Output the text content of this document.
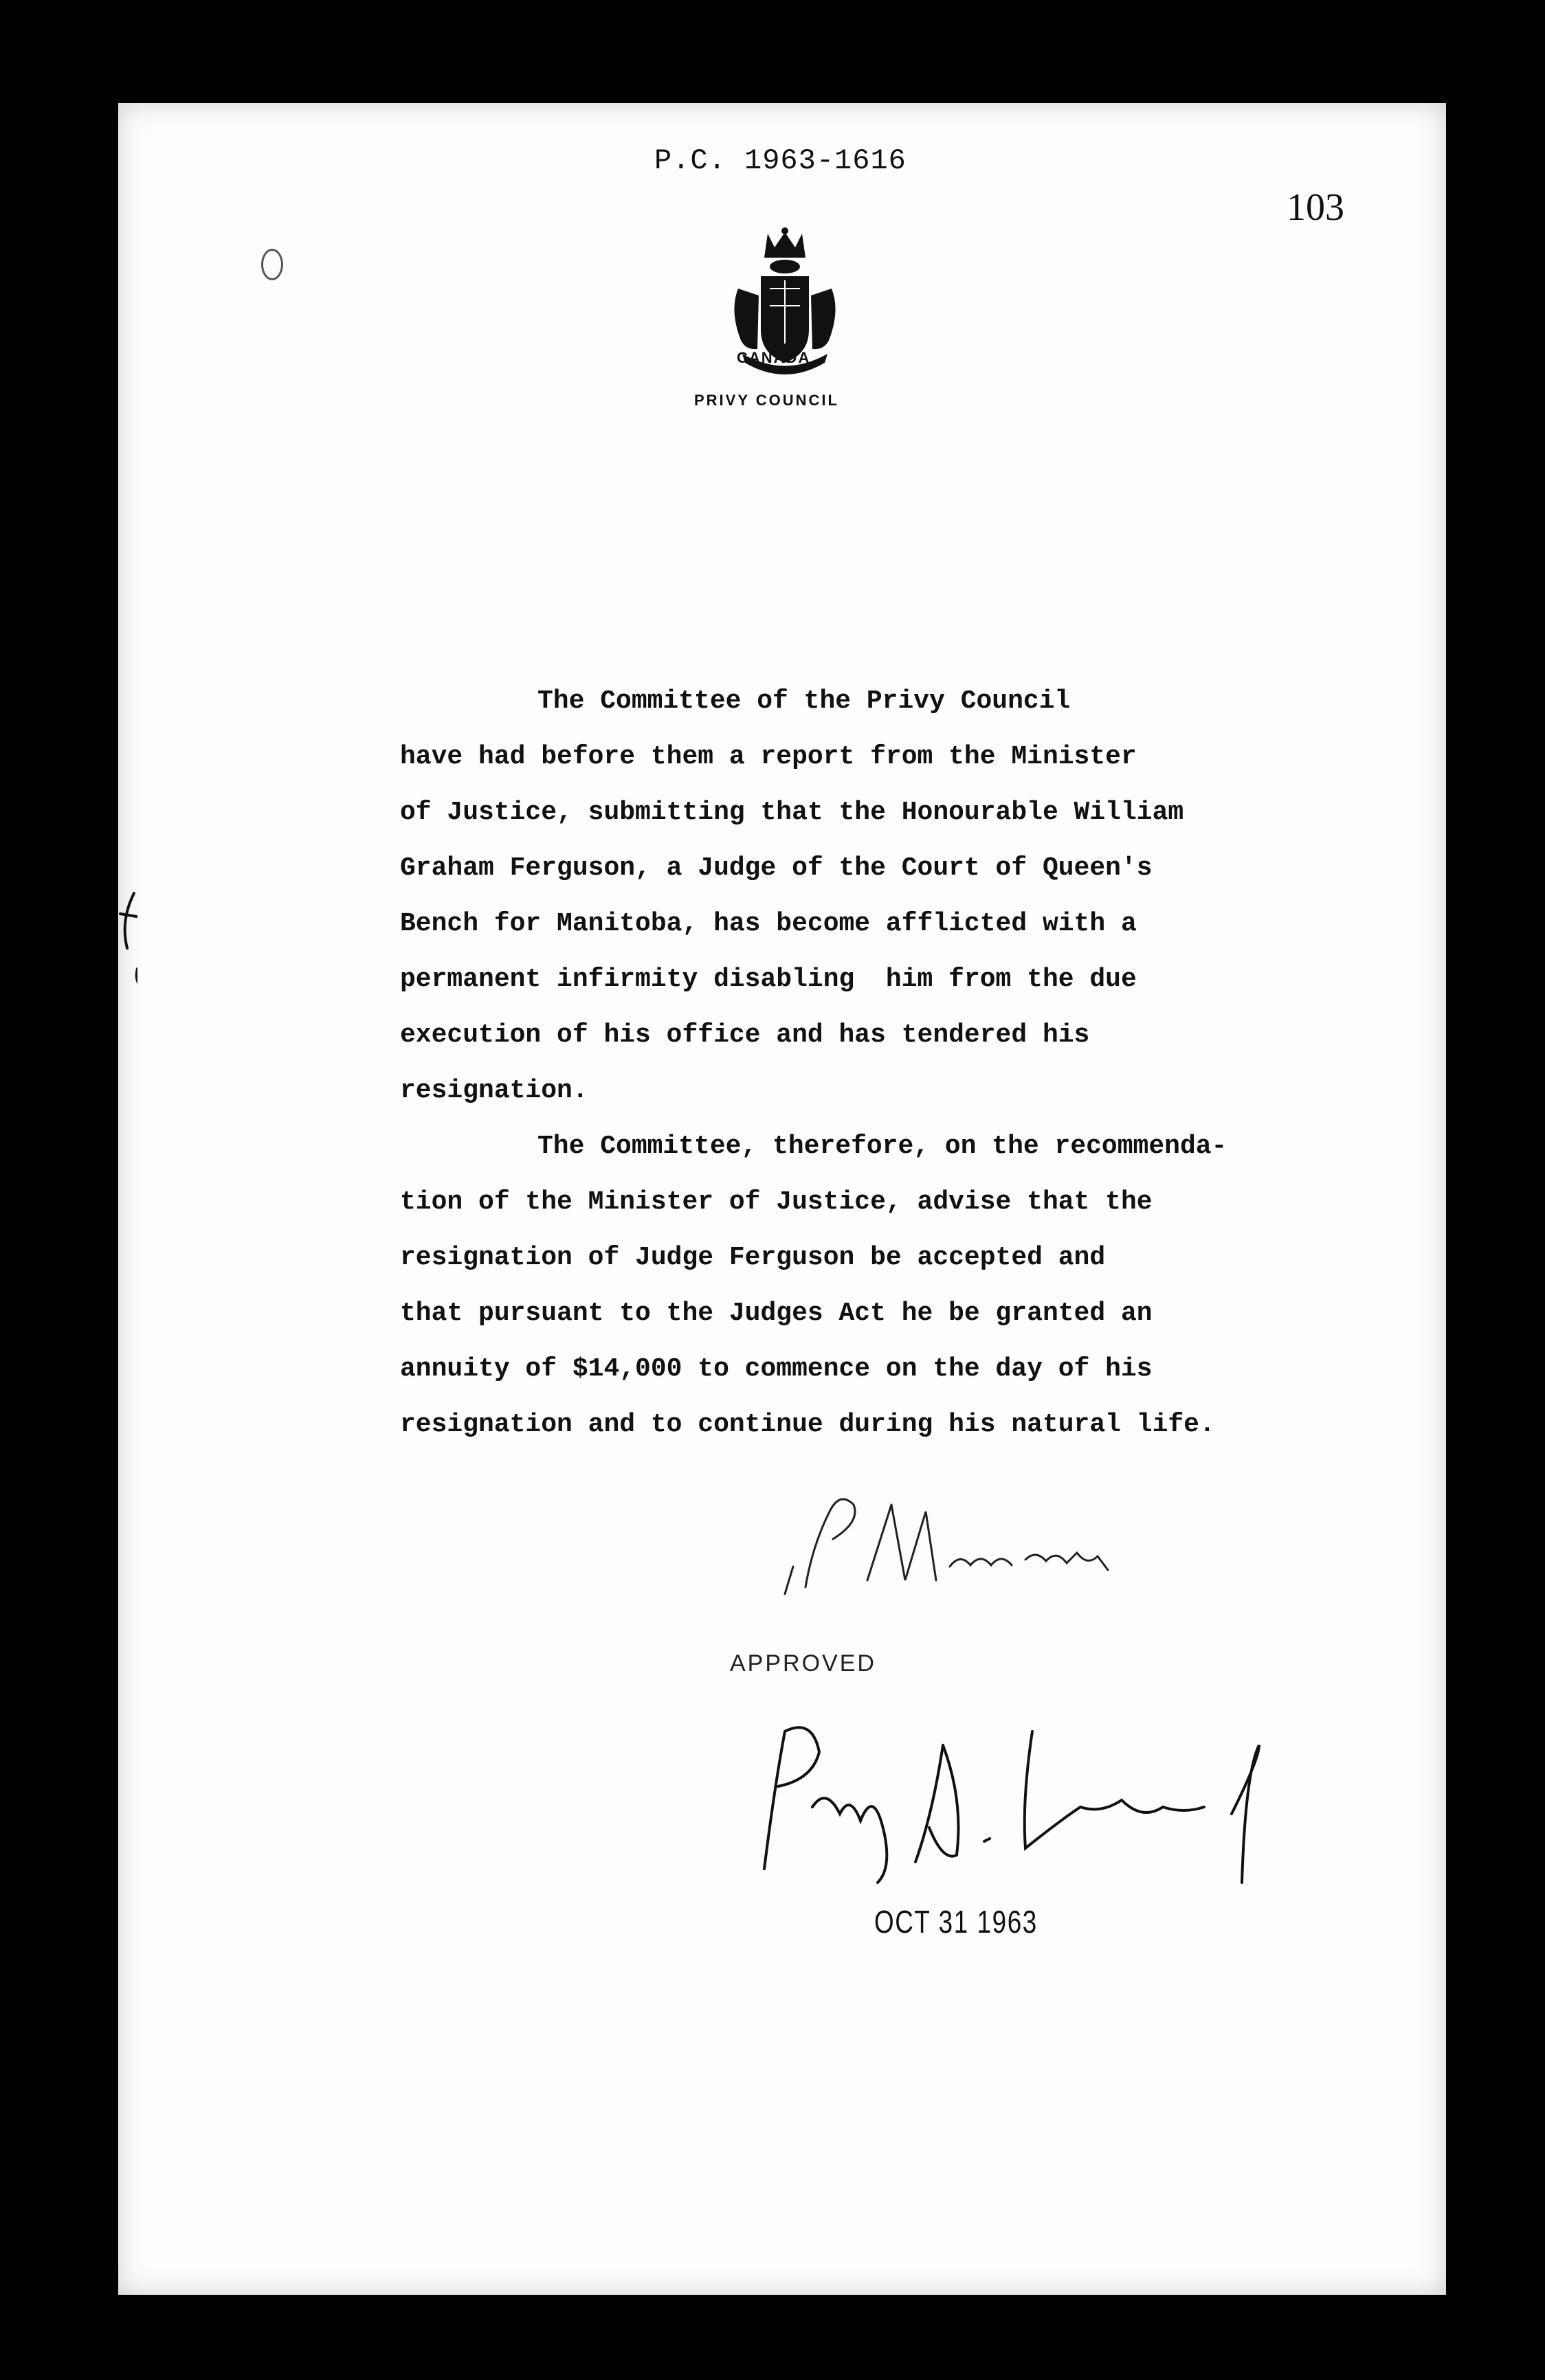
P.C. 1963-1616
103
CANADA
PRIVY COUNCIL
The Committee of the Privy Council
have had before them a report from the Minister
of Justice, submitting that the Honourable William
Graham Ferguson, a Judge of the Court of Queen's
Bench for Manitoba, has become afflicted with a
permanent infirmity disabling  him from the due
execution of his office and has tendered his
resignation.
The Committee, therefore, on the recommenda-
tion of the Minister of Justice, advise that the
resignation of Judge Ferguson be accepted and
that pursuant to the Judges Act he be granted an
annuity of $14,000 to commence on the day of his
resignation and to continue during his natural life.
APPROVED
OCT 31 1963
